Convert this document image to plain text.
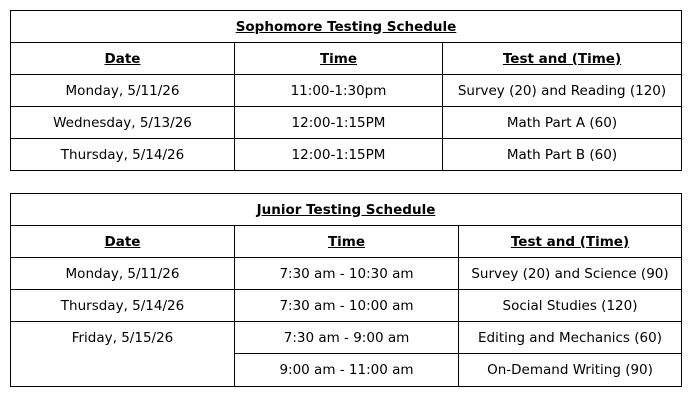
Sophomore Testing Schedule		
Date	Time	Test and (Time)
Monday, 5/11/26	11:00-1:30pm	Survey (20) and Reading (120)
Wednesday, 5/13/26	12:00-1:15PM	Math Part A (60)
Thursday, 5/14/26	12:00-1:15PM	Math Part B (60)
Junior Testing Schedule		
Date	Time	Test and (Time)
Monday, 5/11/26	7:30 am - 10:30 am	Survey (20) and Science (90)
Thursday, 5/14/26	7:30 am - 10:00 am	Social Studies (120)
Friday, 5/15/26	7:30 am - 9:00 am	Editing and Mechanics (60)
	9:00 am - 11:00 am	On-Demand Writing (90)
